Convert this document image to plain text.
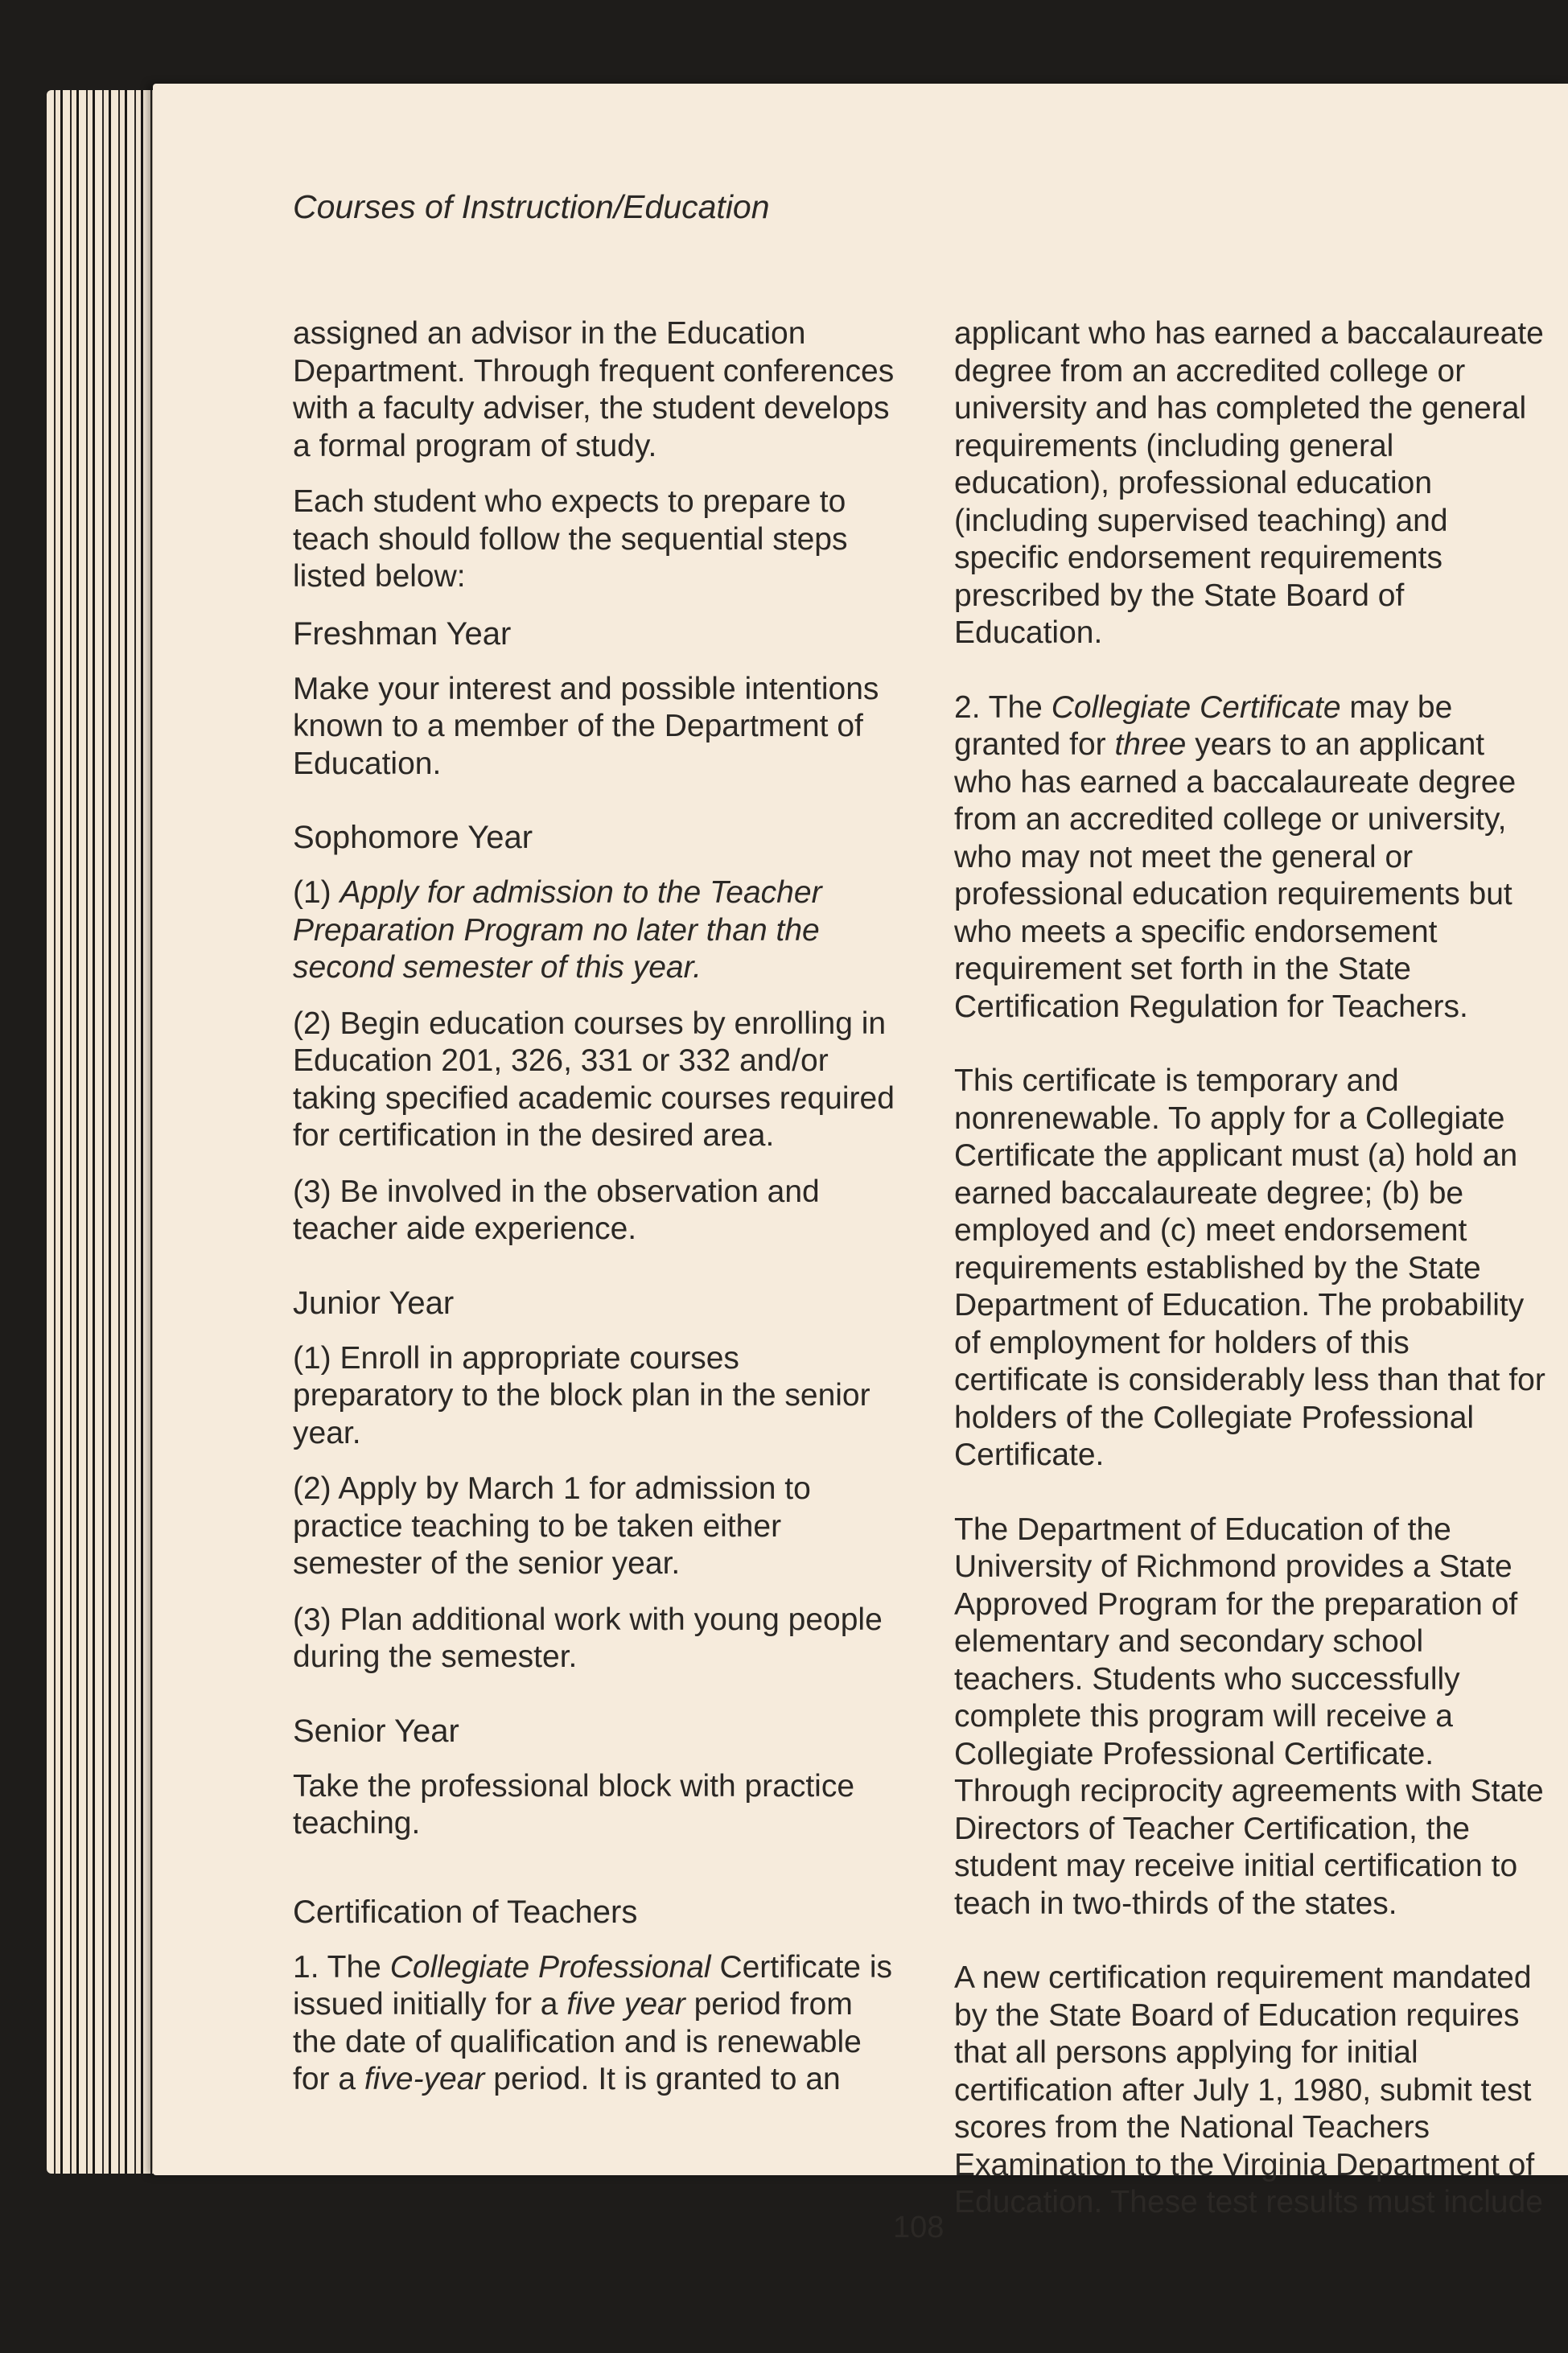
Courses of Instruction/Education

assigned an advisor in the Education Department. Through frequent conferences with a faculty adviser, the student develops a formal program of study.

Each student who expects to prepare to teach should follow the sequential steps listed below:

Freshman Year

Make your interest and possible intentions known to a member of the Department of Education.

Sophomore Year

(1) Apply for admission to the Teacher Preparation Program no later than the second semester of this year.

(2) Begin education courses by enrolling in Education 201, 326, 331 or 332 and/or taking specified academic courses required for certification in the desired area.

(3) Be involved in the observation and teacher aide experience.

Junior Year

(1) Enroll in appropriate courses preparatory to the block plan in the senior year.

(2) Apply by March 1 for admission to practice teaching to be taken either semester of the senior year.

(3) Plan additional work with young people during the semester.

Senior Year

Take the professional block with practice teaching.

Certification of Teachers

1. The Collegiate Professional Certificate is issued initially for a five year period from the date of qualification and is renewable for a five-year period. It is granted to an

applicant who has earned a baccalaureate degree from an accredited college or university and has completed the general requirements (including general education), professional education (including supervised teaching) and specific endorsement requirements prescribed by the State Board of Education.

2. The Collegiate Certificate may be granted for three years to an applicant who has earned a baccalaureate degree from an accredited college or university, who may not meet the general or professional education requirements but who meets a specific endorsement requirement set forth in the State Certification Regulation for Teachers.

This certificate is temporary and nonrenewable. To apply for a Collegiate Certificate the applicant must (a) hold an earned baccalaureate degree; (b) be employed and (c) meet endorsement requirements established by the State Department of Education. The probability of employment for holders of this certificate is considerably less than that for holders of the Collegiate Professional Certificate.

The Department of Education of the University of Richmond provides a State Approved Program for the preparation of elementary and secondary school teachers. Students who successfully complete this program will receive a Collegiate Professional Certificate. Through reciprocity agreements with State Directors of Teacher Certification, the student may receive initial certification to teach in two-thirds of the states.

A new certification requirement mandated by the State Board of Education requires that all persons applying for initial certification after July 1, 1980, submit test scores from the National Teachers Examination to the Virginia Department of Education. These test results must include

108
